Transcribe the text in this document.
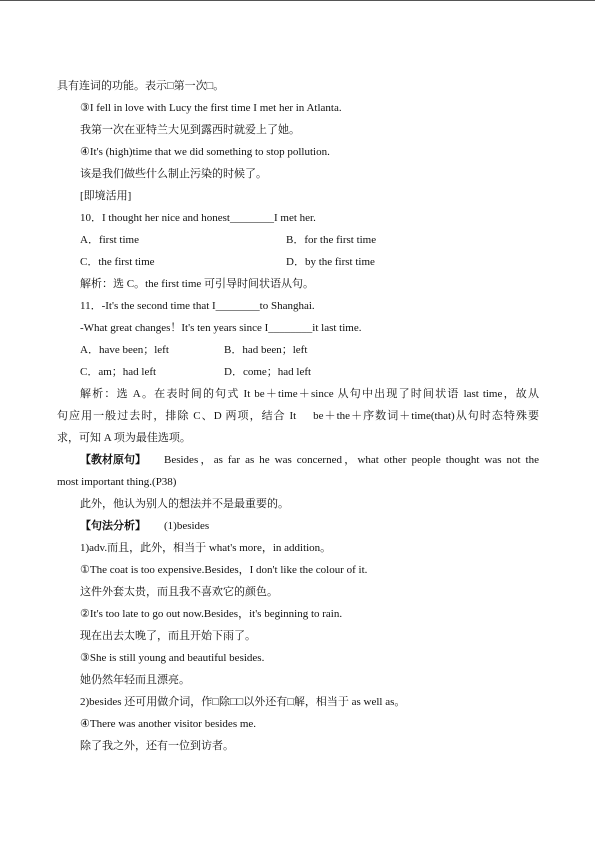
具有连词的功能。表示□第一次□。
③I fell in love with Lucy the first time I met her in Atlanta.
我第一次在亚特兰大见到露西时就爱上了她。
④It's (high)time that we did something to stop pollution.
该是我们做些什么制止污染的时候了。
[即境活用]
10．I thought her nice and honest________I met her.
A．first time	B．for the first time
C．the first time	D．by the first time
解析：选 C。the first time 可引导时间状语从句。
11．-It's the second time that I________to Shanghai.
-What great changes！It's ten years since I________it last time.
A．have been；left	B．had been；left
C．am；had left	D．come；had left
解析：选 A。在表时间的句式 It be＋time＋since 从句中出现了时间状语 last time，故从
句应用一般过去时，排除 C、D 两项，结合 It　 be＋the＋序数词＋time(that)从句时态特殊要
求，可知 A 项为最佳选项。
【教材原句】	Besides，as far as he was concerned，what other people thought was not the
most important thing.(P38)
此外，他认为别人的想法并不是最重要的。
【句法分析】	(1)besides
1)adv.而且，此外，相当于 what's more，in addition。
①The coat is too expensive.Besides，I don't like the colour of it.
这件外套太贵，而且我不喜欢它的颜色。
②It's too late to go out now.Besides，it's beginning to rain.
现在出去太晚了，而且开始下雨了。
③She is still young and beautiful besides.
她仍然年轻而且漂亮。
2)besides 还可用做介词，作□除□□以外还有□解，相当于 as well as。
④There was another visitor besides me.
除了我之外，还有一位到访者。
